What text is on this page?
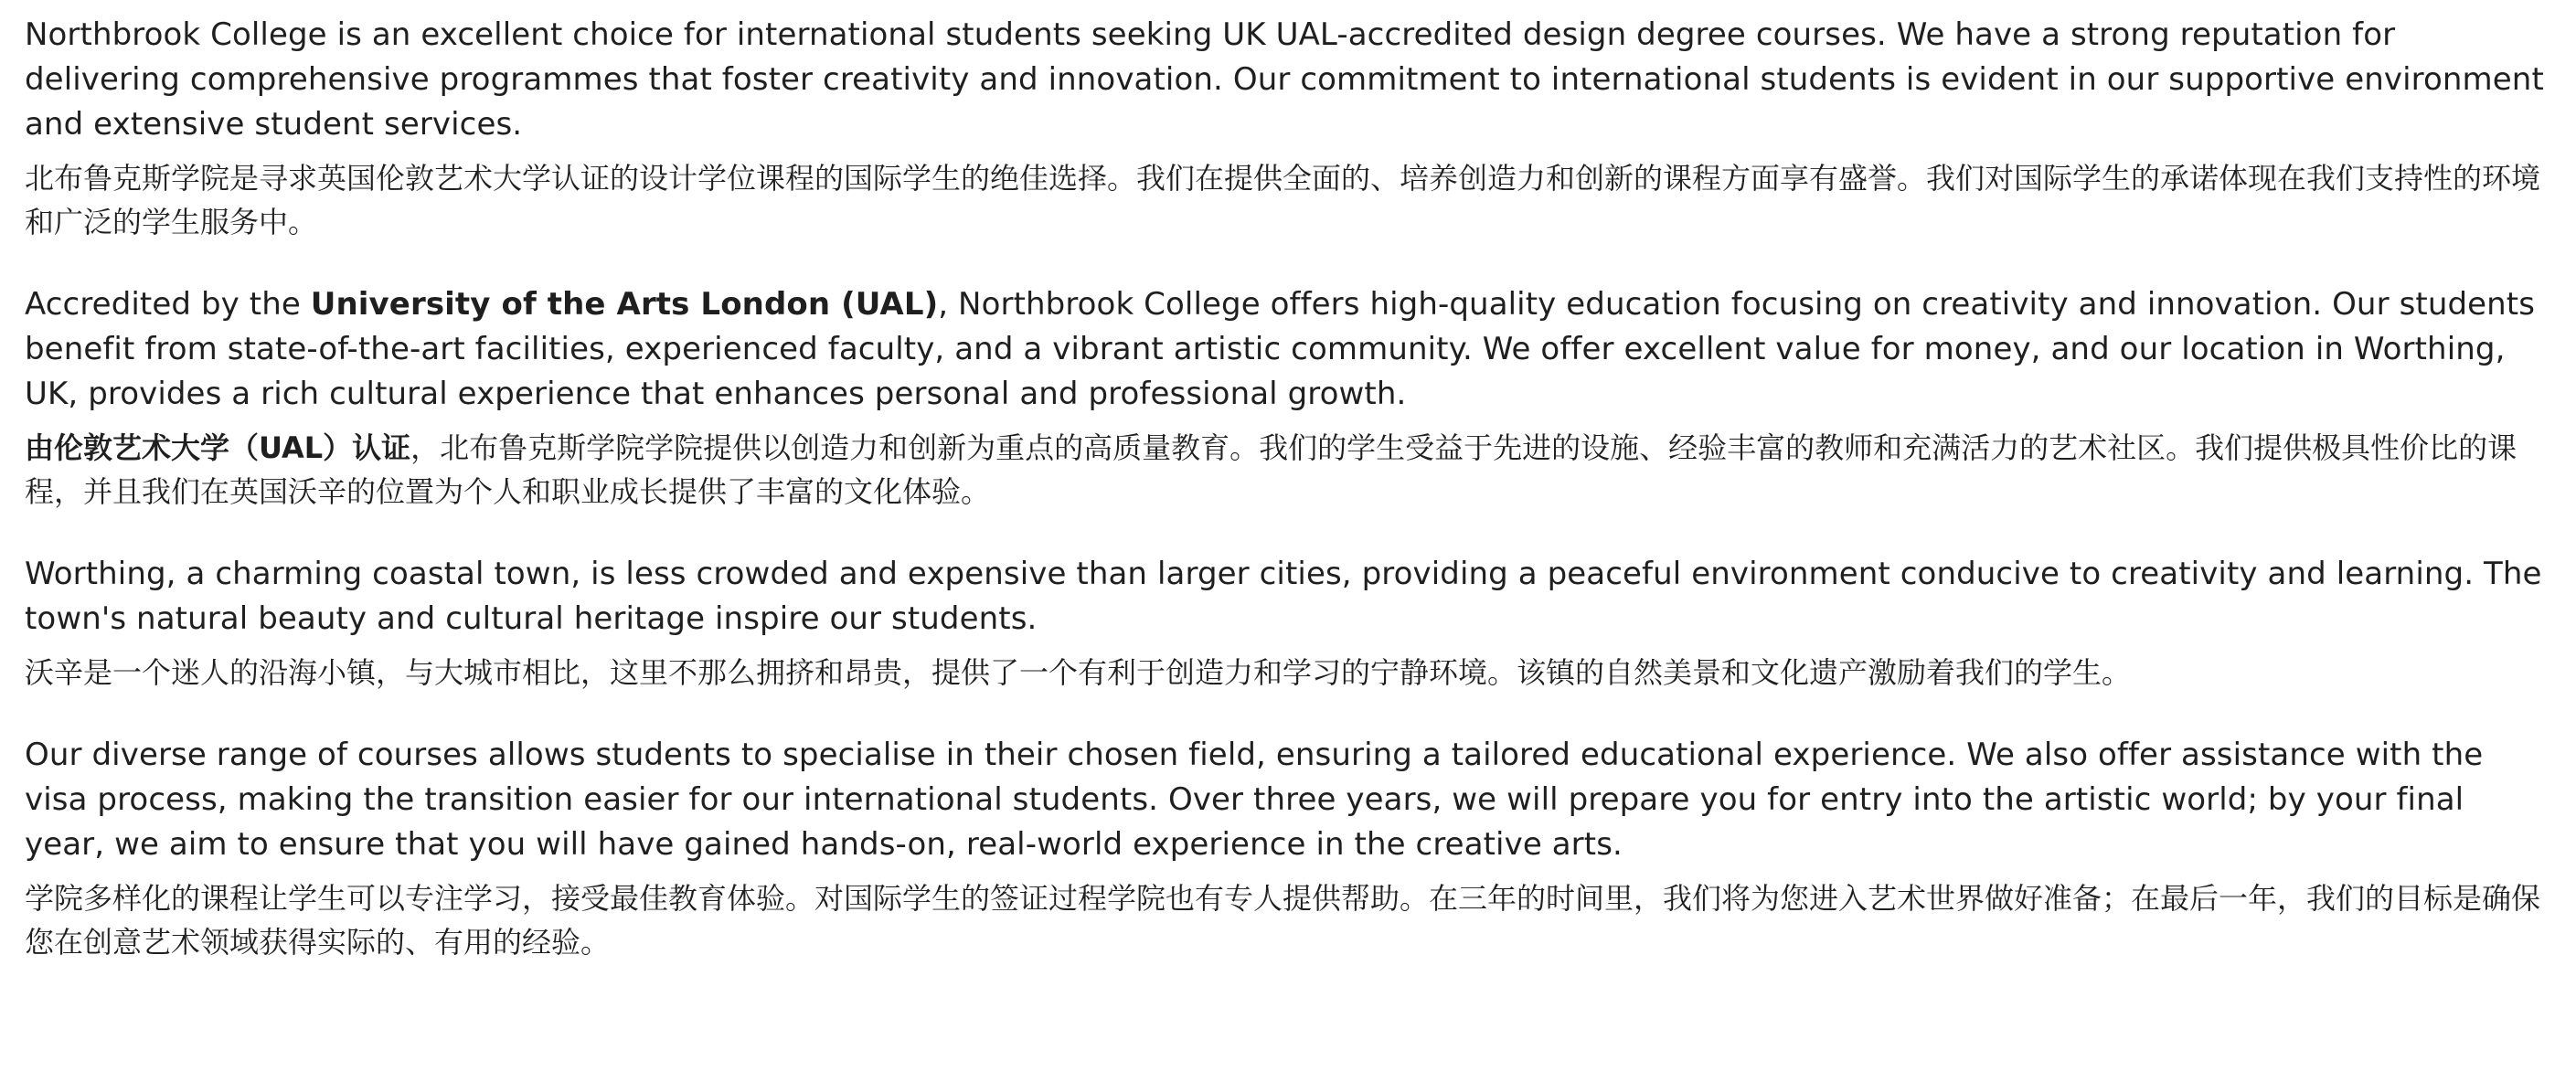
Northbrook College is an excellent choice for international students seeking UK UAL-accredited design degree courses. We have a strong reputation for delivering comprehensive programmes that foster creativity and innovation. Our commitment to international students is evident in our supportive environment and extensive student services.

北布鲁克斯学院是寻求英国伦敦艺术大学认证的设计学位课程的国际学生的绝佳选择。我们在提供全面的、培养创造力和创新的课程方面享有盛誉。我们对国际学生的承诺体现在我们支持性的环境和广泛的学生服务中。

Accredited by the University of the Arts London (UAL), Northbrook College offers high-quality education focusing on creativity and innovation. Our students benefit from state-of-the-art facilities, experienced faculty, and a vibrant artistic community. We offer excellent value for money, and our location in Worthing, UK, provides a rich cultural experience that enhances personal and professional growth.

由伦敦艺术大学（UAL）认证，北布鲁克斯学院学院提供以创造力和创新为重点的高质量教育。我们的学生受益于先进的设施、经验丰富的教师和充满活力的艺术社区。我们提供极具性价比的课程，并且我们在英国沃辛的位置为个人和职业成长提供了丰富的文化体验。

Worthing, a charming coastal town, is less crowded and expensive than larger cities, providing a peaceful environment conducive to creativity and learning. The town's natural beauty and cultural heritage inspire our students.

沃辛是一个迷人的沿海小镇，与大城市相比，这里不那么拥挤和昂贵，提供了一个有利于创造力和学习的宁静环境。该镇的自然美景和文化遗产激励着我们的学生。

Our diverse range of courses allows students to specialise in their chosen field, ensuring a tailored educational experience. We also offer assistance with the visa process, making the transition easier for our international students. Over three years, we will prepare you for entry into the artistic world; by your final year, we aim to ensure that you will have gained hands-on, real-world experience in the creative arts.

学院多样化的课程让学生可以专注学习，接受最佳教育体验。对国际学生的签证过程学院也有专人提供帮助。在三年的时间里，我们将为您进入艺术世界做好准备；在最后一年，我们的目标是确保您在创意艺术领域获得实际的、有用的经验。
